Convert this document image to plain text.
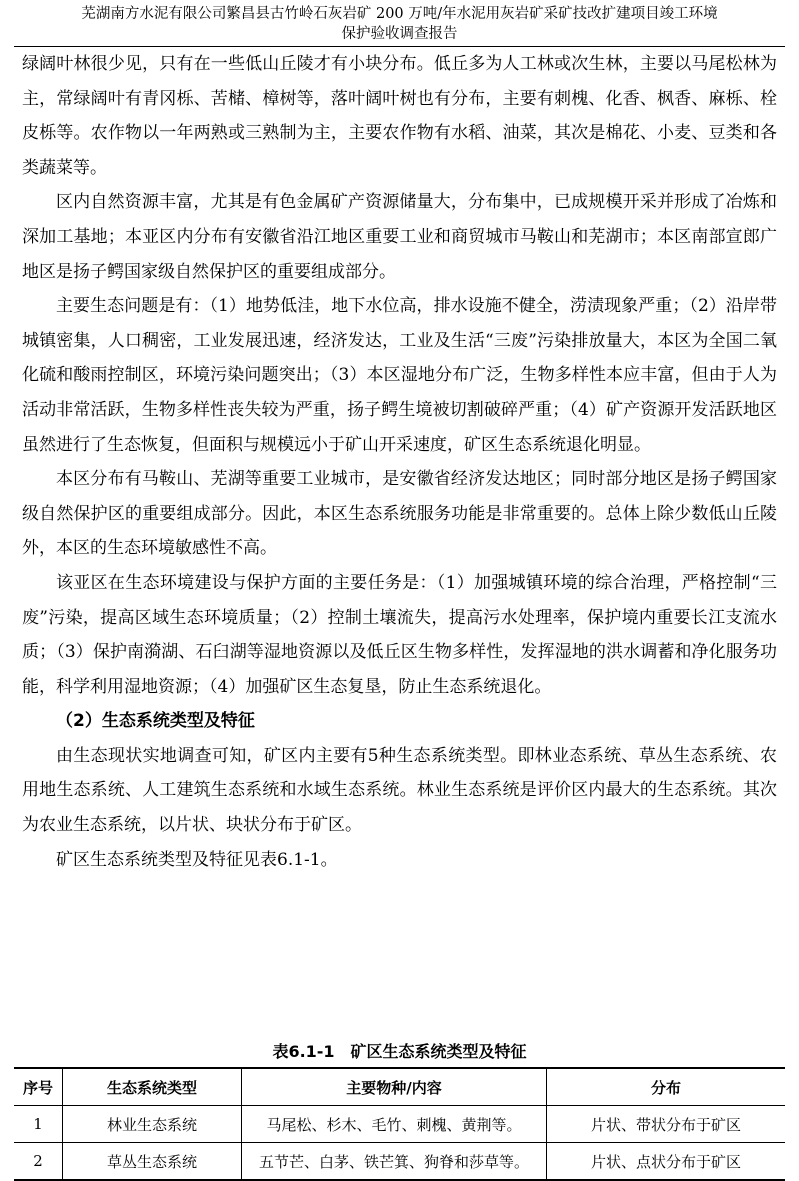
芜湖南方水泥有限公司繁昌县古竹岭石灰岩矿 200 万吨/年水泥用灰岩矿采矿技改扩建项目竣工环境
保护验收调查报告

绿阔叶林很少见，只有在一些低山丘陵才有小块分布。低丘多为人工林或次生林，主要以马尾松林为主，常绿阔叶有青冈栎、苦槠、樟树等，落叶阔叶树也有分布，主要有刺槐、化香、枫香、麻栎、栓皮栎等。农作物以一年两熟或三熟制为主，主要农作物有水稻、油菜，其次是棉花、小麦、豆类和各类蔬菜等。

区内自然资源丰富，尤其是有色金属矿产资源储量大，分布集中，已成规模开采并形成了冶炼和深加工基地；本亚区内分布有安徽省沿江地区重要工业和商贸城市马鞍山和芜湖市；本区南部宣郎广地区是扬子鳄国家级自然保护区的重要组成部分。

主要生态问题是有：（1）地势低洼，地下水位高，排水设施不健全，涝渍现象严重；（2）沿岸带城镇密集，人口稠密，工业发展迅速，经济发达，工业及生活“三废”污染排放量大，本区为全国二氧化硫和酸雨控制区，环境污染问题突出；（3）本区湿地分布广泛，生物多样性本应丰富，但由于人为活动非常活跃，生物多样性丧失较为严重，扬子鳄生境被切割破碎严重；（4）矿产资源开发活跃地区虽然进行了生态恢复，但面积与规模远小于矿山开采速度，矿区生态系统退化明显。

本区分布有马鞍山、芜湖等重要工业城市，是安徽省经济发达地区；同时部分地区是扬子鳄国家级自然保护区的重要组成部分。因此，本区生态系统服务功能是非常重要的。总体上除少数低山丘陵外，本区的生态环境敏感性不高。

该亚区在生态环境建设与保护方面的主要任务是：（1）加强城镇环境的综合治理，严格控制“三废”污染，提高区域生态环境质量；（2）控制土壤流失，提高污水处理率，保护境内重要长江支流水质；（3）保护南漪湖、石臼湖等湿地资源以及低丘区生物多样性，发挥湿地的洪水调蓄和净化服务功能，科学利用湿地资源；（4）加强矿区生态复垦，防止生态系统退化。

（2）生态系统类型及特征

由生态现状实地调查可知，矿区内主要有5种生态系统类型。即林业态系统、草丛生态系统、农用地生态系统、人工建筑生态系统和水域生态系统。林业生态系统是评价区内最大的生态系统。其次为农业生态系统，以片状、块状分布于矿区。

矿区生态系统类型及特征见表6.1-1。

表6.1-1　矿区生态系统类型及特征
序号	生态系统类型	主要物种/内容	分布
1	林业生态系统	马尾松、杉木、毛竹、刺槐、黄荆等。	片状、带状分布于矿区
2	草丛生态系统	五节芒、白茅、铁芒箕、狗脊和莎草等。	片状、点状分布于矿区
